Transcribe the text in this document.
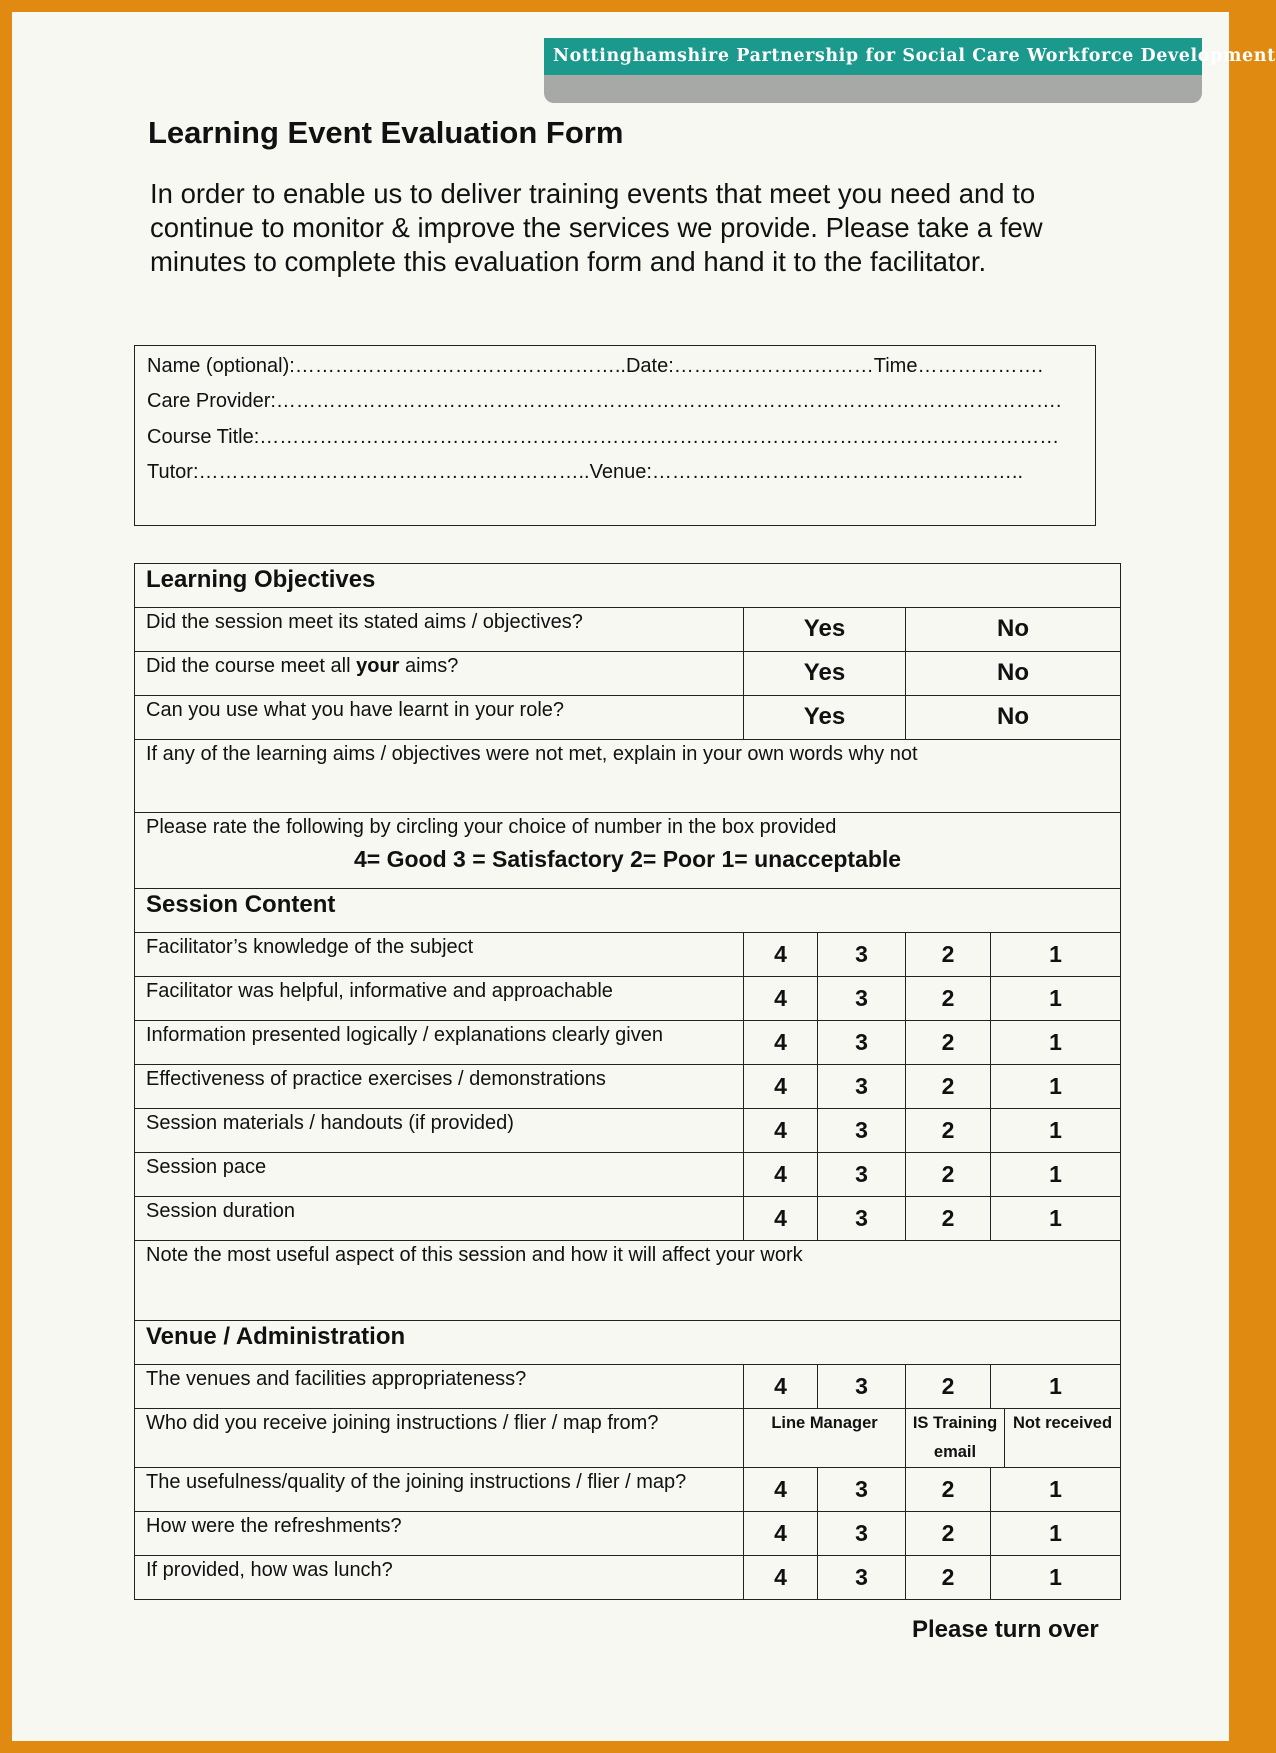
Nottinghamshire Partnership for Social Care Workforce Development
Learning Event Evaluation Form

In order to enable us to deliver training events that meet you need and to continue to monitor & improve the services we provide. Please take a few minutes to complete this evaluation form and hand it to the facilitator.

Name (optional):…………………………………………..Date:…………………………Time……………….
Care Provider:……………………………………………………………………………………………………….
Course Title:…………………………………………………………………………………………………………
Tutor:…………………………………………………..Venue:………………………………………………..
Learning Objectives					
Did the session meet its stated aims / objectives?	Yes		No		
Did the course meet all your aims?	Yes		No		
Can you use what you have learnt in your role?	Yes		No		
If any of the learning aims / objectives were not met, explain in your own words why not					

Please rate the following by circling your choice of number in the box provided
4= Good 3 = Satisfactory 2= Poor 1= unacceptable					

Session Content					
Facilitator’s knowledge of the subject	4	3	2	1	
Facilitator was helpful, informative and approachable	4	3	2	1	
Information presented logically / explanations clearly given	4	3	2	1	
Effectiveness of practice exercises / demonstrations	4	3	2	1	
Session materials / handouts (if provided)	4	3	2	1	
Session pace	4	3	2	1	
Session duration	4	3	2	1	
Note the most useful aspect of this session and how it will affect your work					
Venue / Administration					
The venues and facilities appropriateness?	4	3	2	1	
Who did you receive joining instructions / flier / map from?	Line Manager		IS Training email		Not received
The usefulness/quality of the joining instructions / flier / map?	4	3	2	1	
How were the refreshments?	4	3	2	1	
If provided, how was lunch?	4	3	2	1	
Please turn over
